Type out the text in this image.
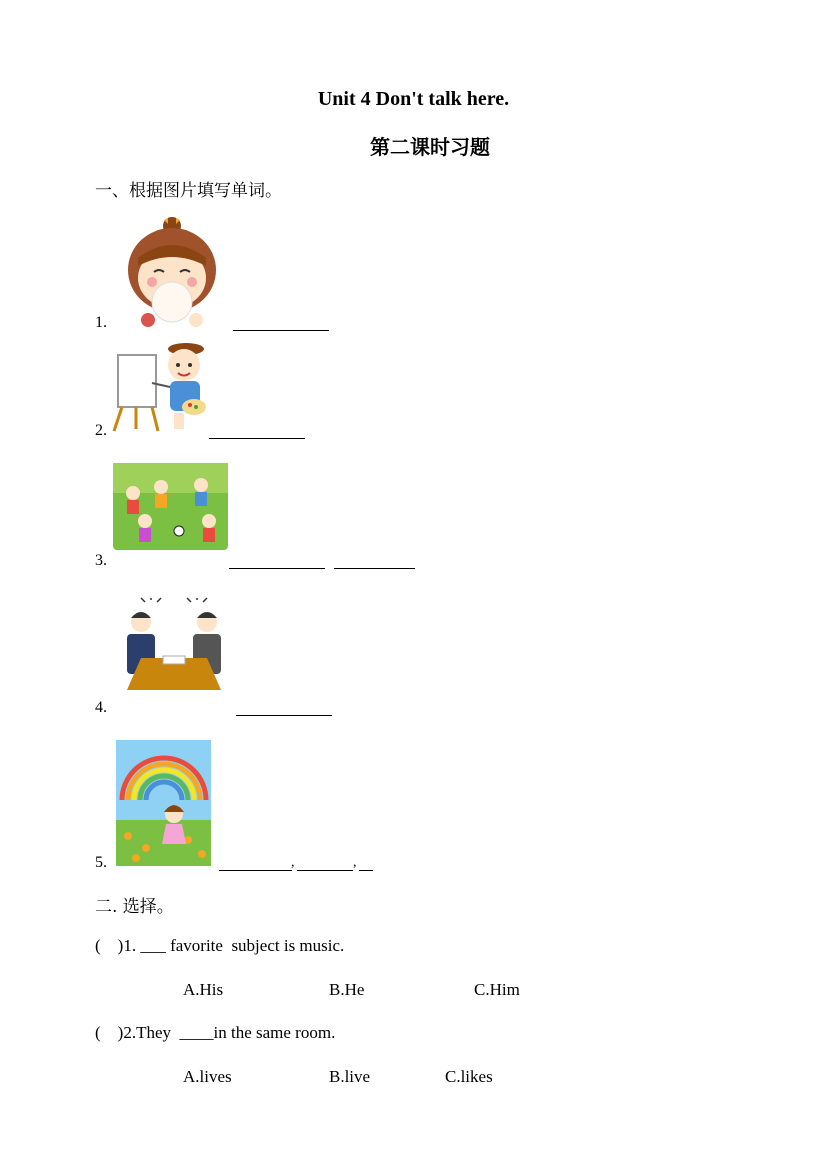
Unit 4 Don't talk here.
第二课时习题
一、根据图片填写单词。
1.
2.
3.
4.
5.	,	,
二. 选择。
(    )1. ___ favorite  subject is music.
A.His	B.He	C.Him
(    )2.They  ____in the same room.
A.lives	B.live	C.likes
